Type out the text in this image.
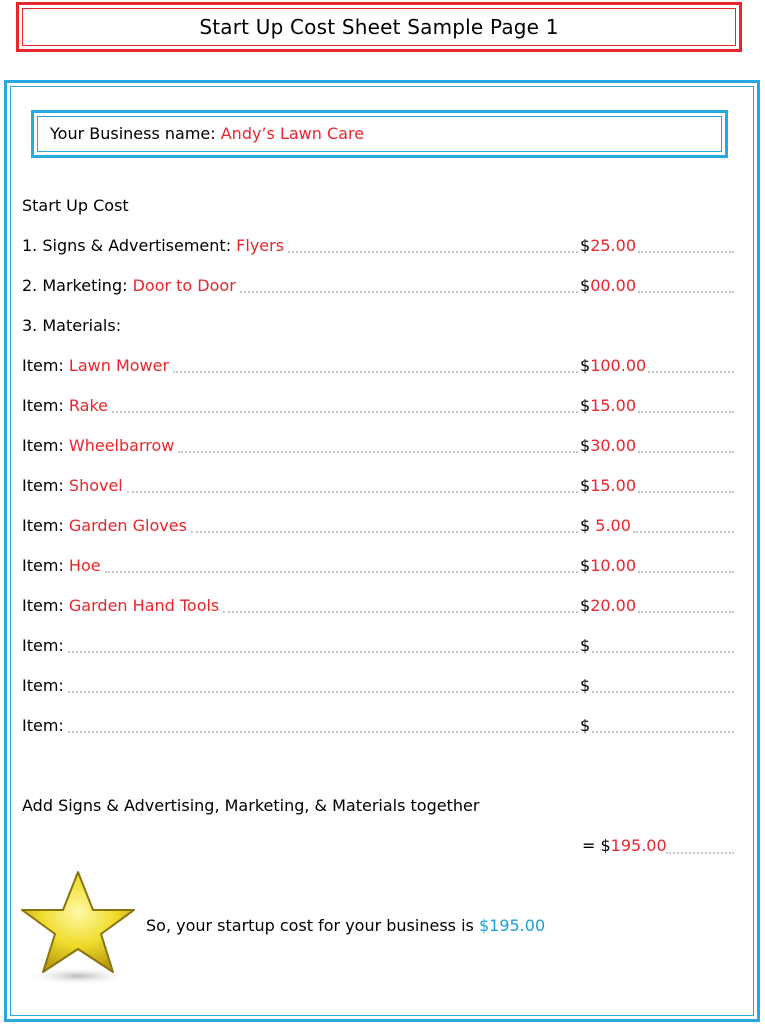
Start Up Cost Sheet Sample Page 1
Your Business name: Andy’s Lawn Care
Start Up Cost
1. Signs & Advertisement: Flyers	$25.00
2. Marketing: Door to Door	$00.00
3. Materials:
Item: Lawn Mower	$100.00
Item: Rake	$15.00
Item: Wheelbarrow	$30.00
Item: Shovel	$15.00
Item: Garden Gloves	$ 5.00
Item: Hoe	$10.00
Item: Garden Hand Tools	$20.00
Item:	$
Item:	$
Item:	$
Add Signs & Advertising, Marketing, & Materials together
= $195.00
So, your startup cost for your business is $195.00
